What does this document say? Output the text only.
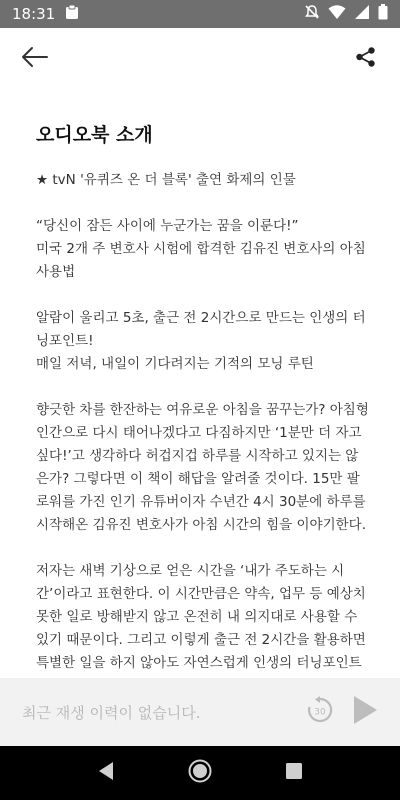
18:31
오디오북 소개

★ tvN '유퀴즈 온 더 블록' 출연 화제의 인물

“당신이 잠든 사이에 누군가는 꿈을 이룬다!”
미국 2개 주 변호사 시험에 합격한 김유진 변호사의 아침 사용법

알람이 울리고 5초, 출근 전 2시간으로 만드는 인생의 터닝포인트!
매일 저녁, 내일이 기다려지는 기적의 모닝 루틴

향긋한 차를 한잔하는 여유로운 아침을 꿈꾸는가? 아침형 인간으로 다시 태어나겠다고 다짐하지만 ‘1분만 더 자고 싶다!’고 생각하다 허겁지겁 하루를 시작하고 있지는 않은가? 그렇다면 이 책이 해답을 알려줄 것이다. 15만 팔로워를 가진 인기 유튜버이자 수년간 4시 30분에 하루를 시작해온 김유진 변호사가 아침 시간의 힘을 이야기한다.

저자는 새벽 기상으로 얻은 시간을 ‘내가 주도하는 시간’이라고 표현한다. 이 시간만큼은 약속, 업무 등 예상치 못한 일로 방해받지 않고 온전히 내 의지대로 사용할 수 있기 때문이다. 그리고 이렇게 출근 전 2시간을 활용하면 특별한 일을 하지 않아도 자연스럽게 인생의 터닝포인트

최근 재생 이력이 없습니다.	30
